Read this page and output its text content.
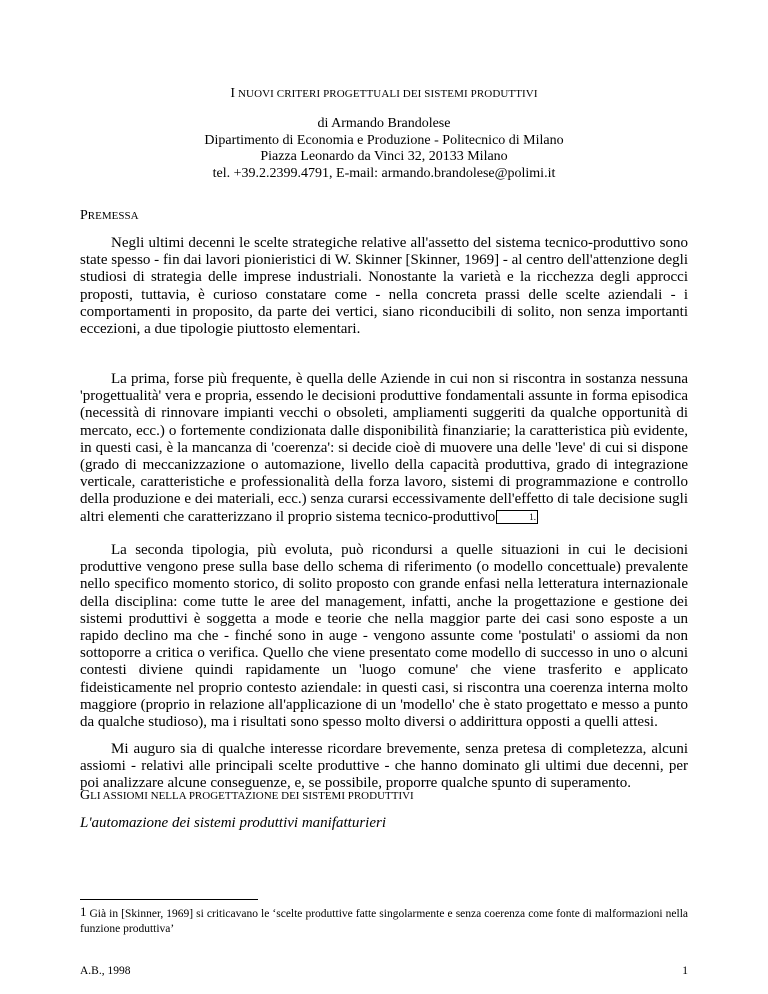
I NUOVI CRITERI PROGETTUALI DEI SISTEMI PRODUTTIVI
di Armando Brandolese
Dipartimento di Economia e Produzione - Politecnico di Milano
Piazza Leonardo da Vinci 32, 20133 Milano
tel. +39.2.2399.4791, E-mail: armando.brandolese@polimi.it
PREMESSA

Negli ultimi decenni le scelte strategiche relative all'assetto del sistema tecnico-produttivo sono state spesso - fin dai lavori pionieristici di W. Skinner [Skinner, 1969] - al centro dell'attenzione degli studiosi di strategia delle imprese industriali. Nonostante la varietà e la ricchezza degli approcci proposti, tuttavia, è curioso constatare come - nella concreta prassi delle scelte aziendali - i comportamenti in proposito, da parte dei vertici, siano riconducibili di solito, non senza importanti eccezioni, a due tipologie piuttosto elementari.

La prima, forse più frequente, è quella delle Aziende in cui non si riscontra in sostanza nessuna 'progettualità' vera e propria, essendo le decisioni produttive fondamentali assunte in forma episodica (necessità di rinnovare impianti vecchi o obsoleti, ampliamenti suggeriti da qualche opportunità di mercato, ecc.) o fortemente condizionata dalle disponibilità finanziarie; la caratteristica più evidente, in questi casi, è la mancanza di 'coerenza': si decide cioè di muovere una delle 'leve' di cui si dispone (grado di meccanizzazione o automazione, livello della capacità produttiva, grado di integrazione verticale, caratteristiche e professionalità della forza lavoro, sistemi di programmazione e controllo della produzione e dei materiali, ecc.) senza curarsi eccessivamente dell'effetto di tale decisione sugli altri elementi che caratterizzano il proprio sistema tecnico-produttivo	1.

La seconda tipologia, più evoluta, può ricondursi a quelle situazioni in cui le decisioni produttive vengono prese sulla base dello schema di riferimento (o modello concettuale) prevalente nello specifico momento storico, di solito proposto con grande enfasi nella letteratura internazionale della disciplina: come tutte le aree del management, infatti, anche la progettazione e gestione dei sistemi produttivi è soggetta a mode e teorie che nella maggior parte dei casi sono esposte a un rapido declino ma che - finché sono in auge - vengono assunte come 'postulati' o assiomi da non sottoporre a critica o verifica. Quello che viene presentato come modello di successo in uno o alcuni contesti diviene quindi rapidamente un 'luogo comune' che viene trasferito e applicato fideisticamente nel proprio contesto aziendale: in questi casi, si riscontra una coerenza interna molto maggiore (proprio in relazione all'applicazione di un 'modello' che è stato progettato e messo a punto da qualche studioso), ma i risultati sono spesso molto diversi o addirittura opposti a quelli attesi.

Mi auguro sia di qualche interesse ricordare brevemente, senza pretesa di completezza, alcuni assiomi - relativi alle principali scelte produttive - che hanno dominato gli ultimi due decenni, per poi analizzare alcune conseguenze, e, se possibile, proporre qualche spunto di superamento.

GLI ASSIOMI NELLA PROGETTAZIONE DEI SISTEMI PRODUTTIVI
L'automazione dei sistemi produttivi manifatturieri

1 Già in [Skinner, 1969] si criticavano le ‘scelte produttive fatte singolarmente e senza coerenza come fonte di malformazioni nella funzione produttiva’

A.B., 1998	1
